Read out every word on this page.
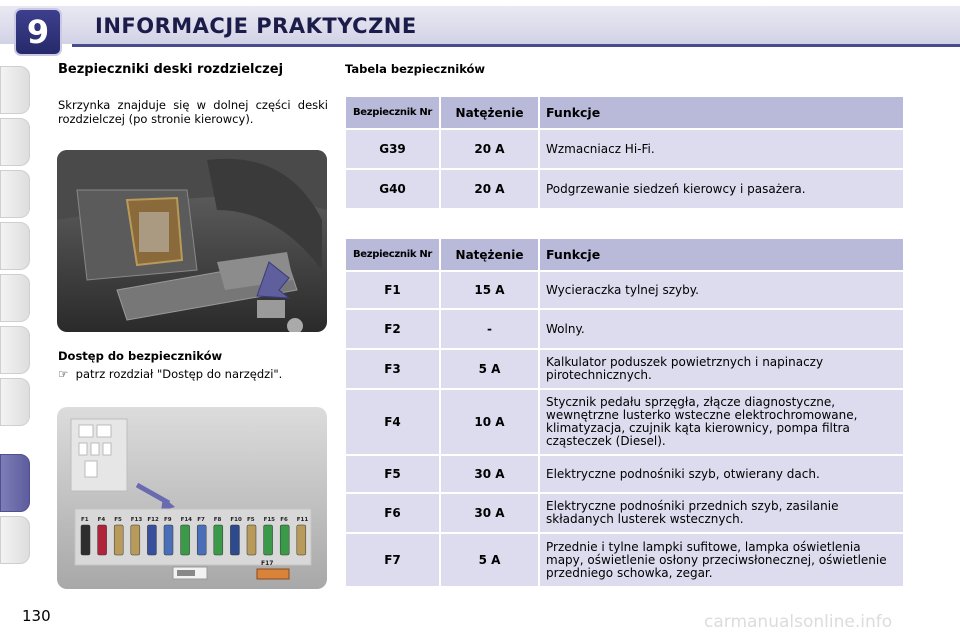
9	INFORMACJE PRAKTYCZNE
Bezpieczniki deski rozdzielczej
Skrzynka znajduje się w dolnej części deski rozdzielczej (po stronie kierowcy).
Dostęp do bezpieczników
☞ patrz rozdział "Dostęp do narzędzi".
F1 F4 F5 F13 F12 F9 F14 F7 F8 F10 F5 F15 F6 F11
F17
130
Tabela bezpieczników
Bezpiecznik Nr	Natężenie	Funkcje
G39	20 A	Wzmacniacz Hi-Fi.
G40	20 A	Podgrzewanie siedzeń kierowcy i pasażera.
Bezpiecznik Nr	Natężenie	Funkcje
F1	15 A	Wycieraczka tylnej szyby.
F2	-	Wolny.
F3	5 A	Kalkulator poduszek powietrznych i napinaczy pirotechnicznych.
F4	10 A	Stycznik pedału sprzęgła, złącze diagnostyczne, wewnętrzne lusterko wsteczne elektrochromowane, klimatyzacja, czujnik kąta kierownicy, pompa filtra cząsteczek (Diesel).
F5	30 A	Elektryczne podnośniki szyb, otwierany dach.
F6	30 A	Elektryczne podnośniki przednich szyb, zasilanie składanych lusterek wstecznych.
F7	5 A	Przednie i tylne lampki sufitowe, lampka oświetlenia mapy, oświetlenie osłony przeciwsłonecznej, oświetlenie przedniego schowka, zegar.
carmanualsonline.info
